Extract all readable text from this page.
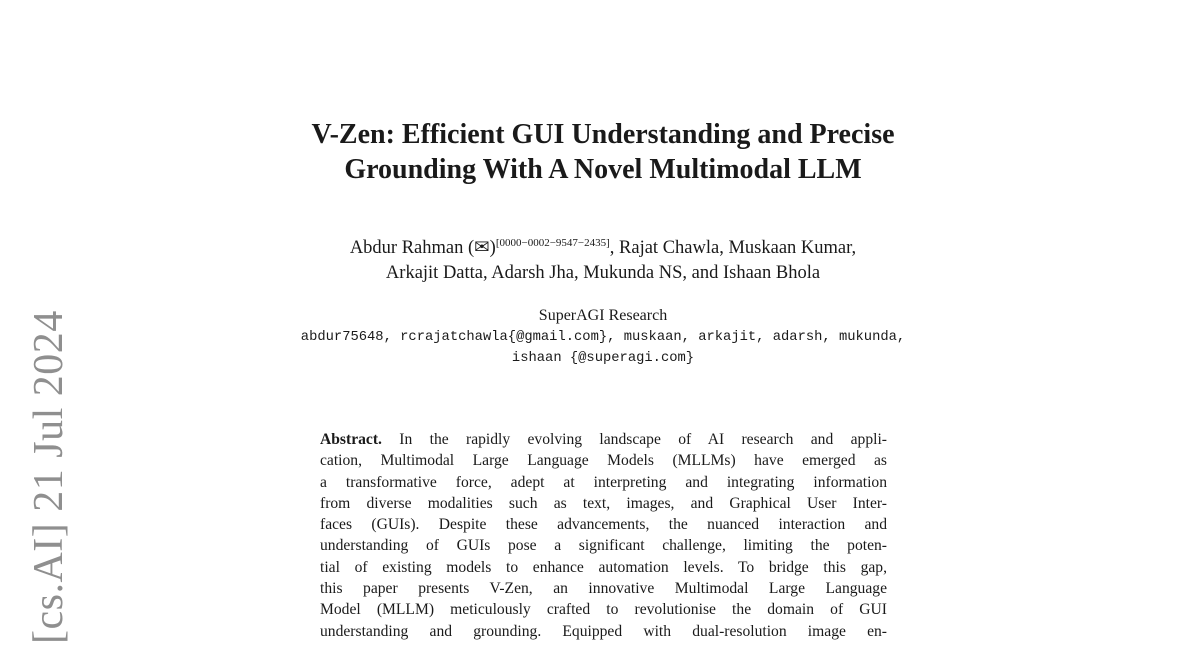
[cs.AI] 21 Jul 2024
V-Zen: Efficient GUI Understanding and Precise
Grounding With A Novel Multimodal LLM
Abdur Rahman (✉)[0000−0002−9547−2435], Rajat Chawla, Muskaan Kumar,
Arkajit Datta, Adarsh Jha, Mukunda NS, and Ishaan Bhola
SuperAGI Research
abdur75648, rcrajatchawla{@gmail.com}, muskaan, arkajit, adarsh, mukunda,
ishaan {@superagi.com}
Abstract. In the rapidly evolving landscape of AI research and appli-
cation, Multimodal Large Language Models (MLLMs) have emerged as
a transformative force, adept at interpreting and integrating information
from diverse modalities such as text, images, and Graphical User Inter-
faces (GUIs). Despite these advancements, the nuanced interaction and
understanding of GUIs pose a significant challenge, limiting the poten-
tial of existing models to enhance automation levels. To bridge this gap,
this paper presents V-Zen, an innovative Multimodal Large Language
Model (MLLM) meticulously crafted to revolutionise the domain of GUI
understanding and grounding. Equipped with dual-resolution image en-
